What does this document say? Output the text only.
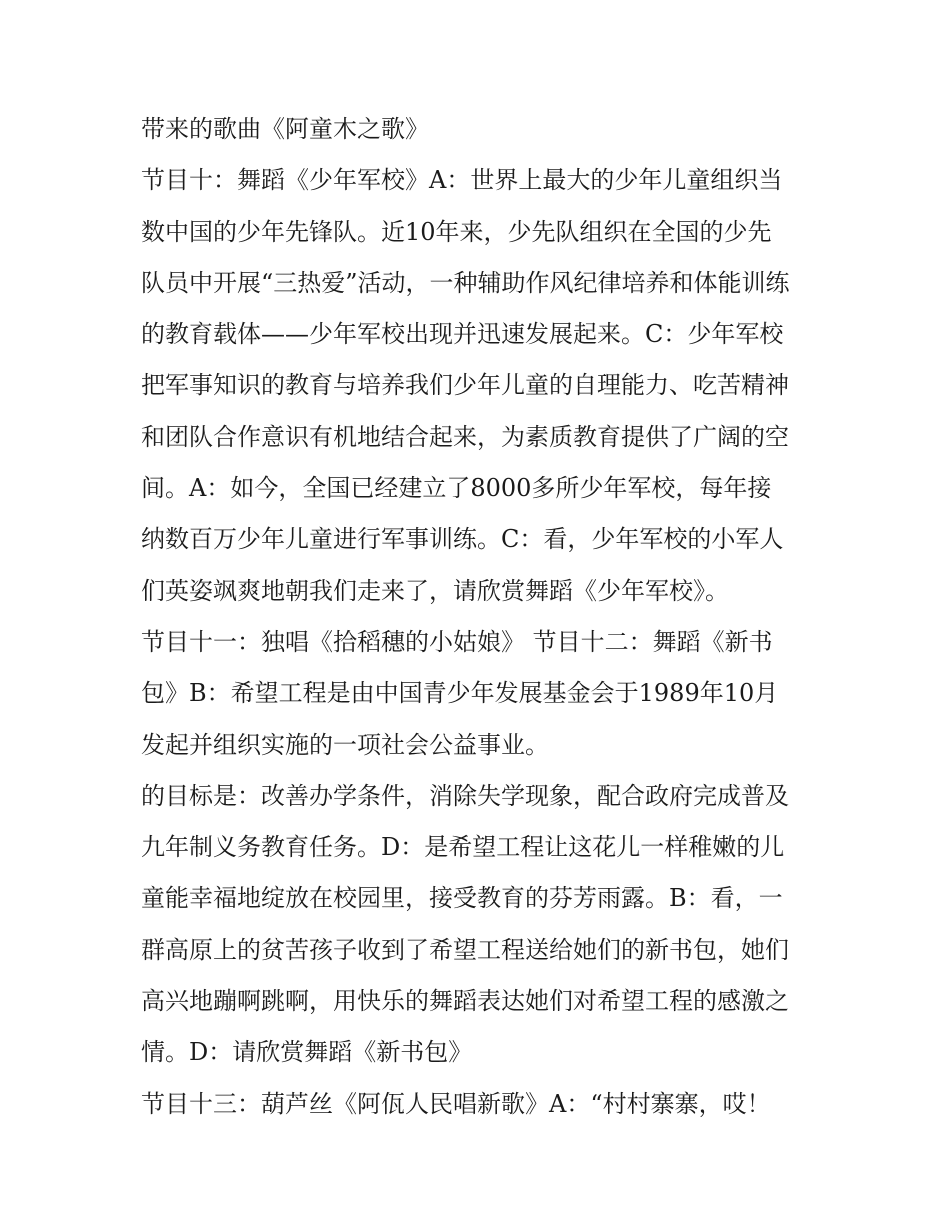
带来的歌曲《阿童木之歌》
节目十：舞蹈《少年军校》A：世界上最大的少年儿童组织当
数中国的少年先锋队。近10年来，少先队组织在全国的少先
队员中开展“三热爱”活动，一种辅助作风纪律培养和体能训练
的教育载体——少年军校出现并迅速发展起来。C：少年军校
把军事知识的教育与培养我们少年儿童的自理能力、吃苦精神
和团队合作意识有机地结合起来，为素质教育提供了广阔的空
间。A：如今，全国已经建立了8000多所少年军校，每年接
纳数百万少年儿童进行军事训练。C：看，少年军校的小军人
们英姿飒爽地朝我们走来了，请欣赏舞蹈《少年军校》。
节目十一：独唱《拾稻穗的小姑娘》 节目十二：舞蹈《新书
包》B：希望工程是由中国青少年发展基金会于1989年10月
发起并组织实施的一项社会公益事业。
的目标是：改善办学条件，消除失学现象，配合政府完成普及
九年制义务教育任务。D：是希望工程让这花儿一样稚嫩的儿
童能幸福地绽放在校园里，接受教育的芬芳雨露。B：看，一
群高原上的贫苦孩子收到了希望工程送给她们的新书包，她们
高兴地蹦啊跳啊，用快乐的舞蹈表达她们对希望工程的感激之
情。D：请欣赏舞蹈《新书包》
节目十三：葫芦丝《阿佤人民唱新歌》A：“村村寨寨，哎！
